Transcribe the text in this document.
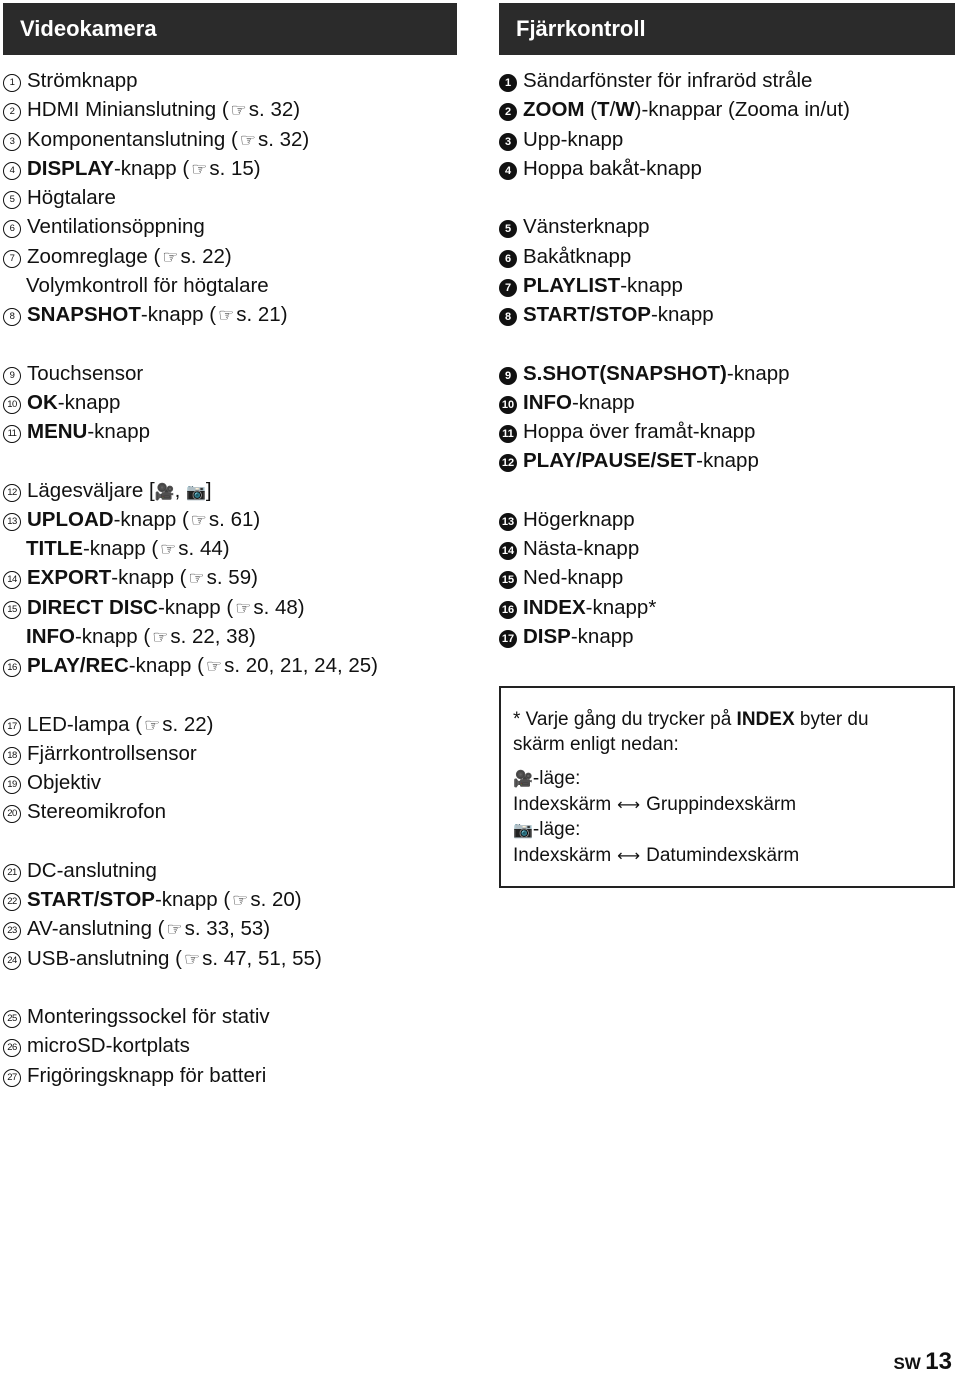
Videokamera	Fjärrkontroll
1 Strömknapp
2 HDMI Minianslutning ( ☞s. 32)
3 Komponentanslutning ( ☞s. 32)
4 DISPLAY-knapp ( ☞s. 15)
5 Högtalare
6 Ventilationsöppning
7 Zoomreglage ( ☞s. 22)
Volymkontroll för högtalare
8 SNAPSHOT-knapp ( ☞s. 21)
9 Touchsensor
10 OK-knapp
11 MENU-knapp
12 Lägesväljare [🎥, 📷]
13 UPLOAD-knapp ( ☞s. 61)
TITLE-knapp ( ☞s. 44)
14 EXPORT-knapp ( ☞s. 59)
15 DIRECT DISC-knapp ( ☞s. 48)
INFO-knapp ( ☞s. 22, 38)
16 PLAY/REC-knapp ( ☞s. 20, 21, 24, 25)
17 LED-lampa ( ☞s. 22)
18 Fjärrkontrollsensor
19 Objektiv
20 Stereomikrofon
21 DC-anslutning
22 START/STOP-knapp ( ☞s. 20)
23 AV-anslutning ( ☞s. 33, 53)
24 USB-anslutning ( ☞s. 47, 51, 55)
25 Monteringssockel för stativ
26 microSD-kortplats
27 Frigöringsknapp för batteri
1 Sändarfönster för infraröd stråle
2 ZOOM (T/W)-knappar (Zooma in/ut)
3 Upp-knapp
4 Hoppa bakåt-knapp
5 Vänsterknapp
6 Bakåtknapp
7 PLAYLIST-knapp
8 START/STOP-knapp
9 S.SHOT(SNAPSHOT)-knapp
10 INFO-knapp
11 Hoppa över framåt-knapp
12 PLAY/PAUSE/SET-knapp
13 Högerknapp
14 Nästa-knapp
15 Ned-knapp
16 INDEX-knapp*
17 DISP-knapp

* Varje gång du trycker på INDEX byter du

skärm enligt nedan:

🎥-läge:

Indexskärm ⟷ Gruppindexskärm

📷-läge:

Indexskärm ⟷ Datumindexskärm

SW 13
